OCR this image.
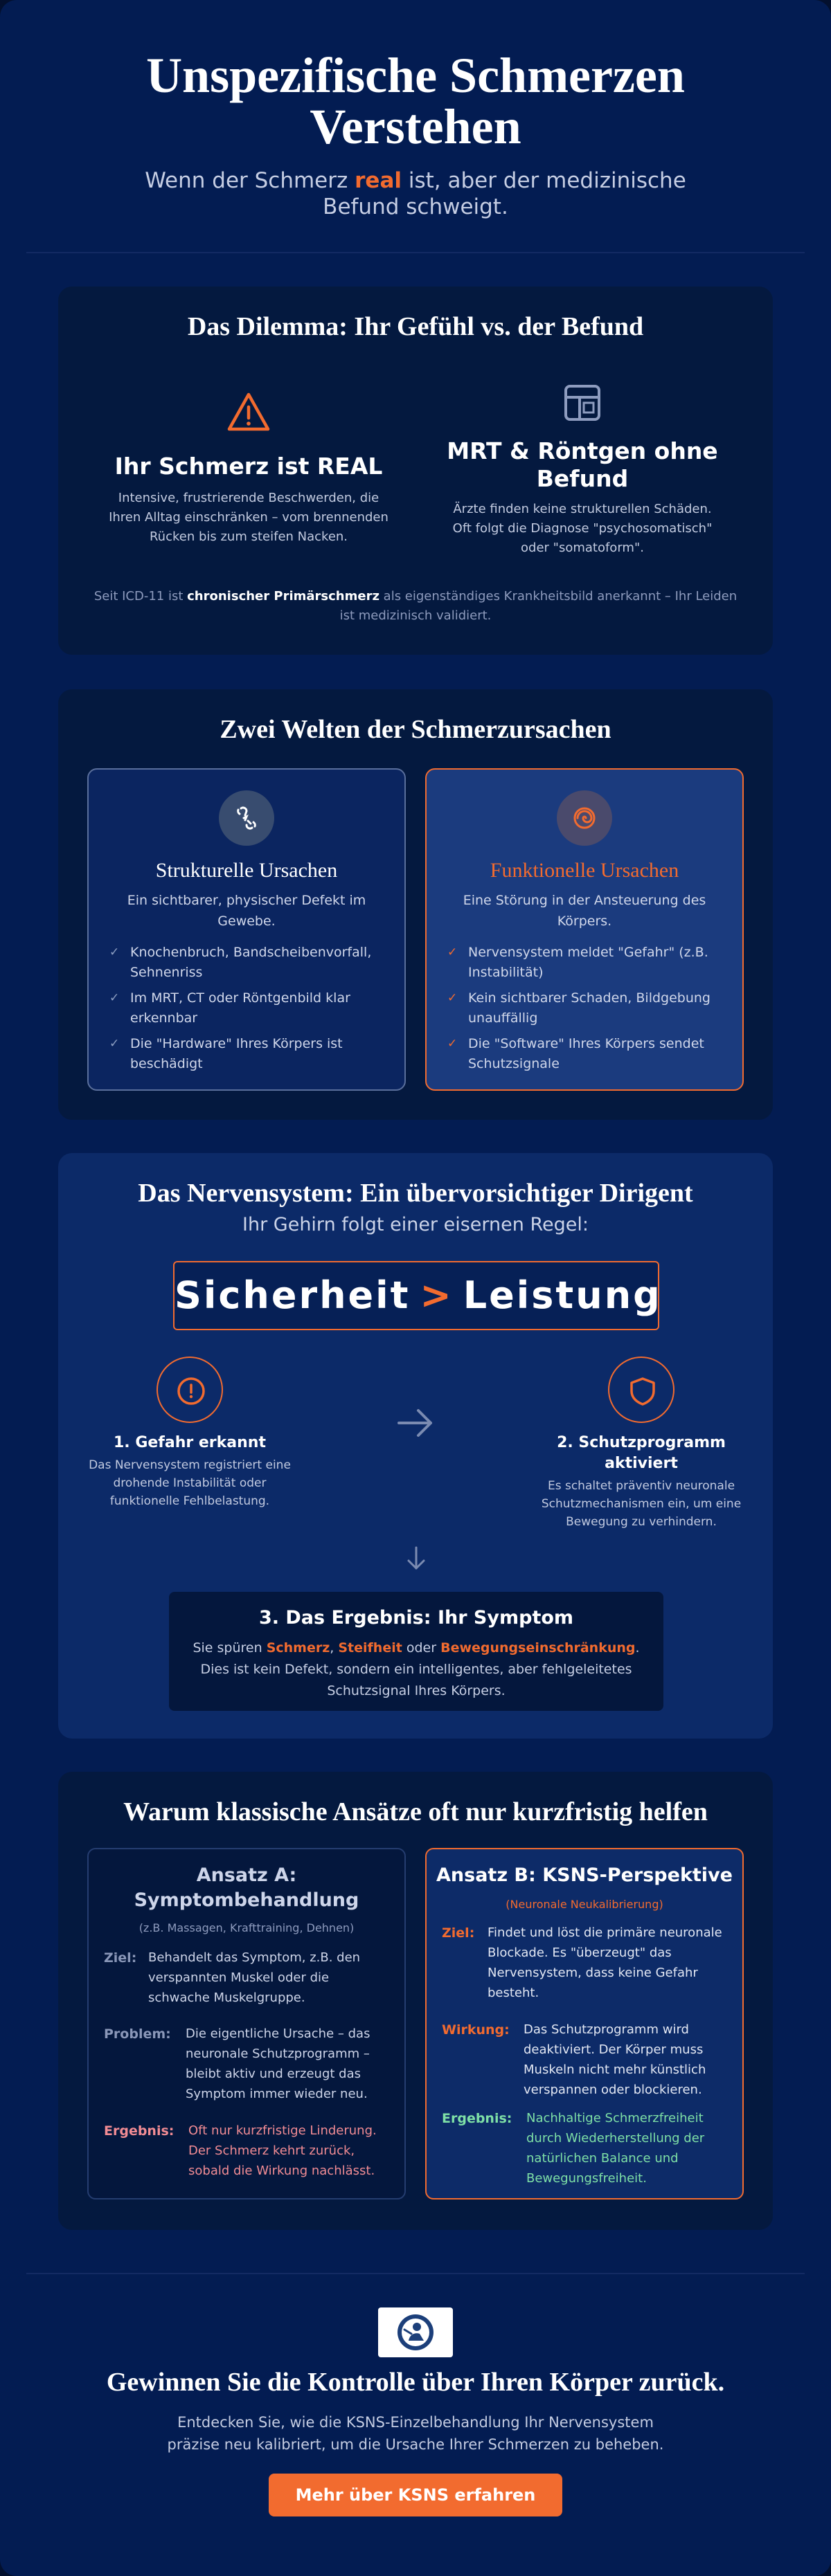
Unspezifische Schmerzen
Verstehen

Wenn der Schmerz real ist, aber der medizinische Befund schweigt.

Das Dilemma: Ihr Gefühl vs. der Befund
Ihr Schmerz ist REAL

Intensive, frustrierende Beschwerden, die Ihren Alltag einschränken – vom brennenden Rücken bis zum steifen Nacken.

MRT & Röntgen ohne Befund

Ärzte finden keine strukturellen Schäden. Oft folgt die Diagnose "psychosomatisch" oder "somatoform".

Seit ICD-11 ist chronischer Primärschmerz als eigenständiges Krankheitsbild anerkannt – Ihr Leiden ist medizinisch validiert.

Zwei Welten der Schmerzursachen
Strukturelle Ursachen

Ein sichtbarer, physischer Defekt im Gewebe.

✓ Knochenbruch, Bandscheibenvorfall, Sehnenriss
✓ Im MRT, CT oder Röntgenbild klar erkennbar
✓ Die "Hardware" Ihres Körpers ist beschädigt
Funktionelle Ursachen

Eine Störung in der Ansteuerung des Körpers.

✓ Nervensystem meldet "Gefahr" (z.B. Instabilität)
✓ Kein sichtbarer Schaden, Bildgebung unauffällig
✓ Die "Software" Ihres Körpers sendet Schutzsignale
Das Nervensystem: Ein übervorsichtiger Dirigent

Ihr Gehirn folgt einer eisernen Regel:

Sicherheit > Leistung
1. Gefahr erkannt

Das Nervensystem registriert eine drohende Instabilität oder funktionelle Fehlbelastung.

2. Schutzprogramm aktiviert

Es schaltet präventiv neuronale Schutzmechanismen ein, um eine Bewegung zu verhindern.

3. Das Ergebnis: Ihr Symptom

Sie spüren Schmerz, Steifheit oder Bewegungseinschränkung. Dies ist kein Defekt, sondern ein intelligentes, aber fehlgeleitetes Schutzsignal Ihres Körpers.

Warum klassische Ansätze oft nur kurzfristig helfen
Ansatz A: Symptombehandlung

(z.B. Massagen, Krafttraining, Dehnen)

Ziel: Behandelt das Symptom, z.B. den verspannten Muskel oder die schwache Muskelgruppe.

Problem:	Die eigentliche Ursache – das neuronale Schutzprogramm – bleibt aktiv und erzeugt das Symptom immer wieder neu.

Ergebnis:	Oft nur kurzfristige Linderung. Der Schmerz kehrt zurück, sobald die Wirkung nachlässt.

Ansatz B: KSNS-Perspektive

(Neuronale Neukalibrierung)

Ziel:	Findet und löst die primäre neuronale Blockade. Es "überzeugt" das Nervensystem, dass keine Gefahr besteht.

Wirkung:	Das Schutzprogramm wird deaktiviert. Der Körper muss Muskeln nicht mehr künstlich verspannen oder blockieren.

Ergebnis:	Nachhaltige Schmerzfreiheit durch Wiederherstellung der natürlichen Balance und Bewegungsfreiheit.

Gewinnen Sie die Kontrolle über Ihren Körper zurück.

Entdecken Sie, wie die KSNS-Einzelbehandlung Ihr Nervensystem präzise neu kalibriert, um die Ursache Ihrer Schmerzen zu beheben.

Mehr über KSNS erfahren
